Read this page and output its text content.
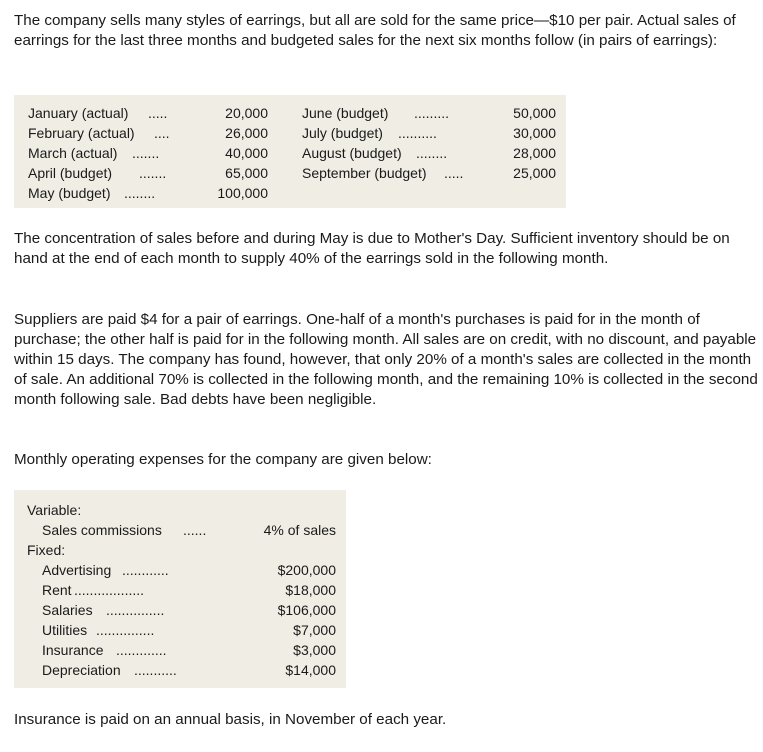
The company sells many styles of earrings, but all are sold for the same price—$10 per pair. Actual sales of earrings for the last three months and budgeted sales for the next six months follow (in pairs of earrings):

January (actual) .....	20,000
February (actual) ....	26,000
March (actual) .......	40,000
April (budget) .......	65,000
May (budget) ........	100,000
June (budget) .........	50,000
July (budget) ..........	30,000
August (budget) ........	28,000
September (budget) .....	25,000

The concentration of sales before and during May is due to Mother's Day. Sufficient inventory should be on hand at the end of each month to supply 40% of the earrings sold in the following month.

Suppliers are paid $4 for a pair of earrings. One-half of a month's purchases is paid for in the month of purchase; the other half is paid for in the following month. All sales are on credit, with no discount, and payable within 15 days. The company has found, however, that only 20% of a month's sales are collected in the month of sale. An additional 70% is collected in the following month, and the remaining 10% is collected in the second month following sale. Bad debts have been negligible.

Monthly operating expenses for the company are given below:

Variable:
Sales commissions ......	4% of sales
Fixed:
Advertising ............	$200,000
Rent ..................	$18,000
Salaries ...............	$106,000
Utilities ...............	$7,000
Insurance .............	$3,000
Depreciation ...........	$14,000

Insurance is paid on an annual basis, in November of each year.
